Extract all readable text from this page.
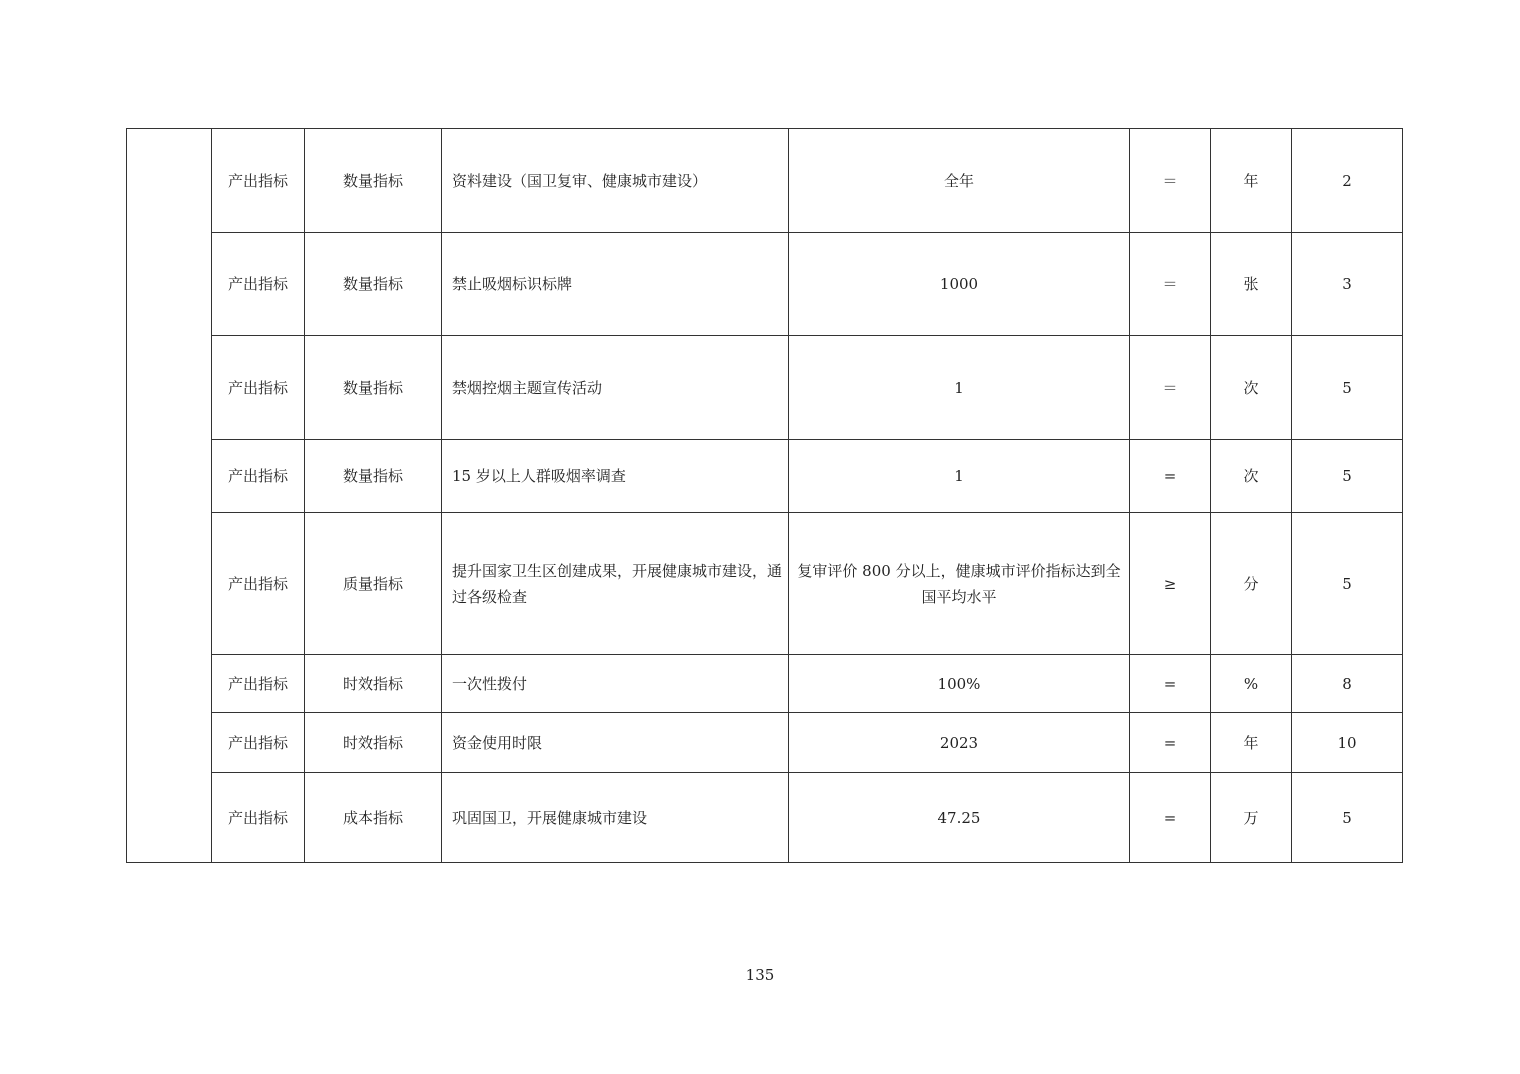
	产出指标	数量指标	资料建设（国卫复审、健康城市建设）	全年	＝	年	2
	产出指标	数量指标	禁止吸烟标识标牌	1000	＝	张	3
	产出指标	数量指标	禁烟控烟主题宣传活动	1	＝	次	5
	产出指标	数量指标	15 岁以上人群吸烟率调查	1	=	次	5
	产出指标	质量指标	提升国家卫生区创建成果，开展健康城市建设，通过各级检查	复审评价 800 分以上，健康城市评价指标达到全国平均水平	≥	分	5
	产出指标	时效指标	一次性拨付	100%	=	%	8
	产出指标	时效指标	资金使用时限	2023	=	年	10
	产出指标	成本指标	巩固国卫，开展健康城市建设	47.25	=	万	5
135
